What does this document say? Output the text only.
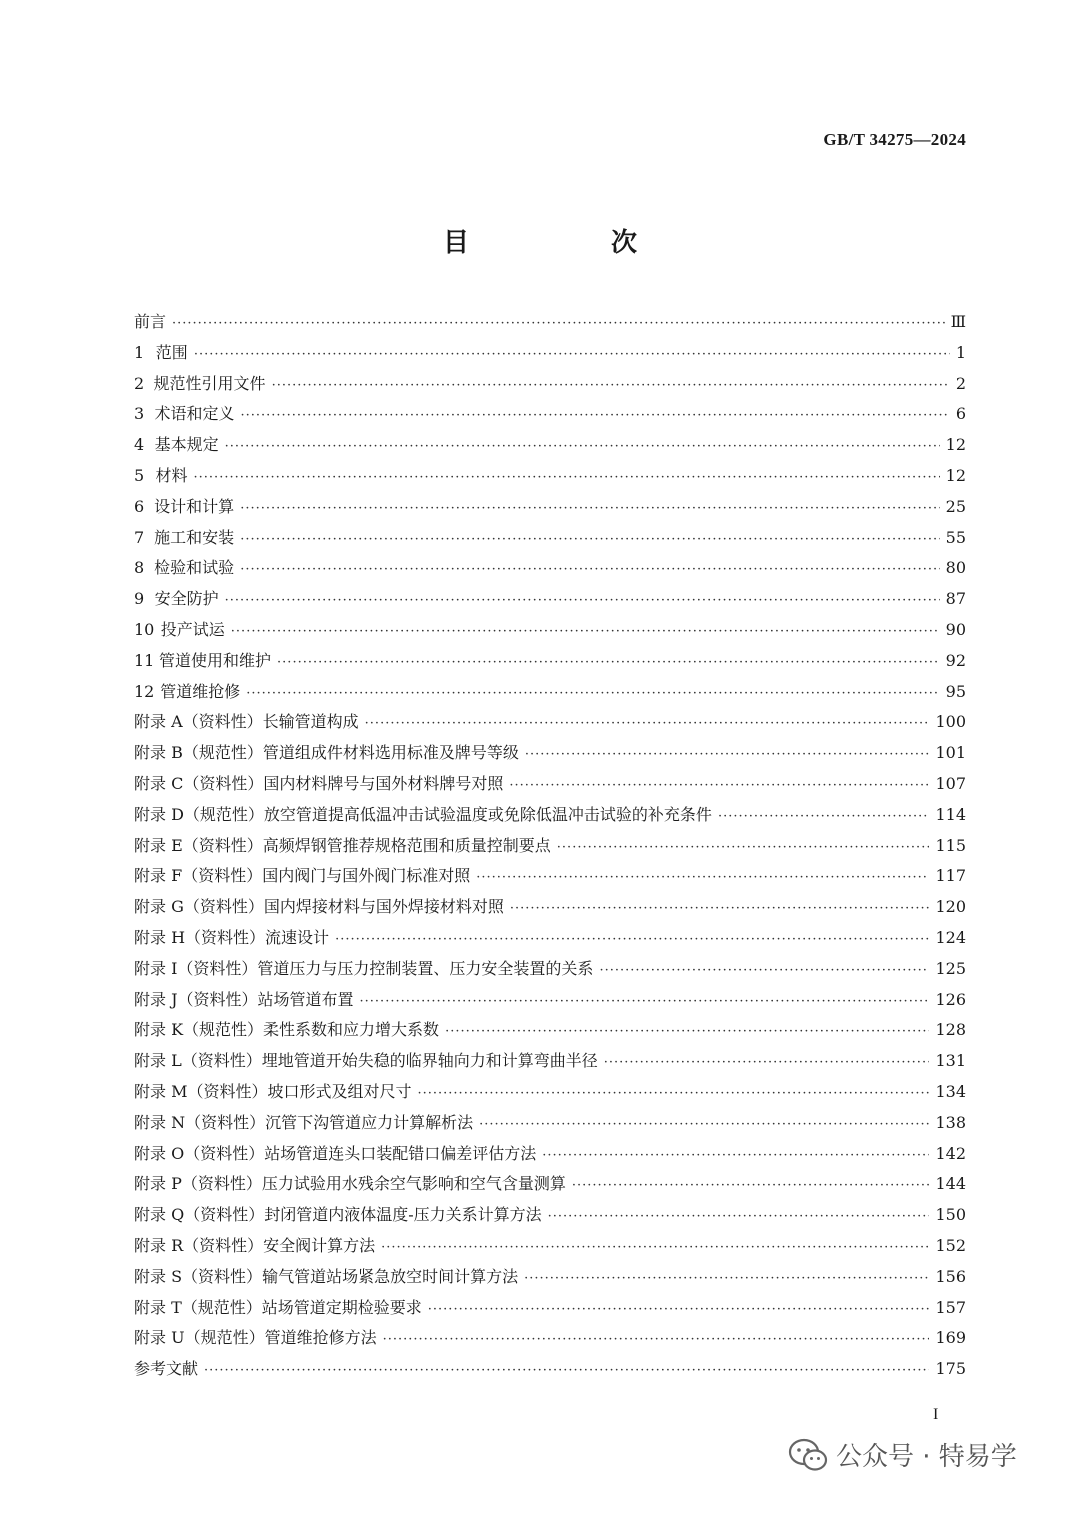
GB/T 34275—2024
目　次
前言 ·····	Ⅲ
1 范围 ·····	1
2 规范性引用文件 ·····	2
3 术语和定义 ·····	6
4 基本规定 ·····	12
5 材料 ·····	12
6 设计和计算 ·····	25
7 施工和安装 ·····	55
8 检验和试验 ·····	80
9 安全防护 ·····	87
10 投产试运 ·····	90
11 管道使用和维护 ·····	92
12 管道维抢修 ·····	95
附录 A（资料性） 长输管道构成 ·····	100
附录 B（规范性） 管道组成件材料选用标准及牌号等级 ·····	101
附录 C（资料性） 国内材料牌号与国外材料牌号对照 ·····	107
附录 D（规范性） 放空管道提高低温冲击试验温度或免除低温冲击试验的补充条件 ·····	114
附录 E（资料性） 高频焊钢管推荐规格范围和质量控制要点 ·····	115
附录 F（资料性） 国内阀门与国外阀门标准对照 ·····	117
附录 G（资料性） 国内焊接材料与国外焊接材料对照 ·····	120
附录 H（资料性） 流速设计 ·····	124
附录 I（资料性） 管道压力与压力控制装置、压力安全装置的关系 ·····	125
附录 J（资料性） 站场管道布置 ·····	126
附录 K（规范性） 柔性系数和应力增大系数 ·····	128
附录 L（资料性） 埋地管道开始失稳的临界轴向力和计算弯曲半径 ·····	131
附录 M（资料性） 坡口形式及组对尺寸 ·····	134
附录 N（资料性） 沉管下沟管道应力计算解析法 ·····	138
附录 O（资料性） 站场管道连头口装配错口偏差评估方法 ·····	142
附录 P（资料性） 压力试验用水残余空气影响和空气含量测算 ·····	144
附录 Q（资料性） 封闭管道内液体温度-压力关系计算方法 ·····	150
附录 R（资料性） 安全阀计算方法 ·····	152
附录 S（资料性） 输气管道站场紧急放空时间计算方法 ·····	156
附录 T（规范性） 站场管道定期检验要求 ·····	157
附录 U（规范性） 管道维抢修方法 ·····	169
参考文献 ·····	175
I
公众号 · 特易学
